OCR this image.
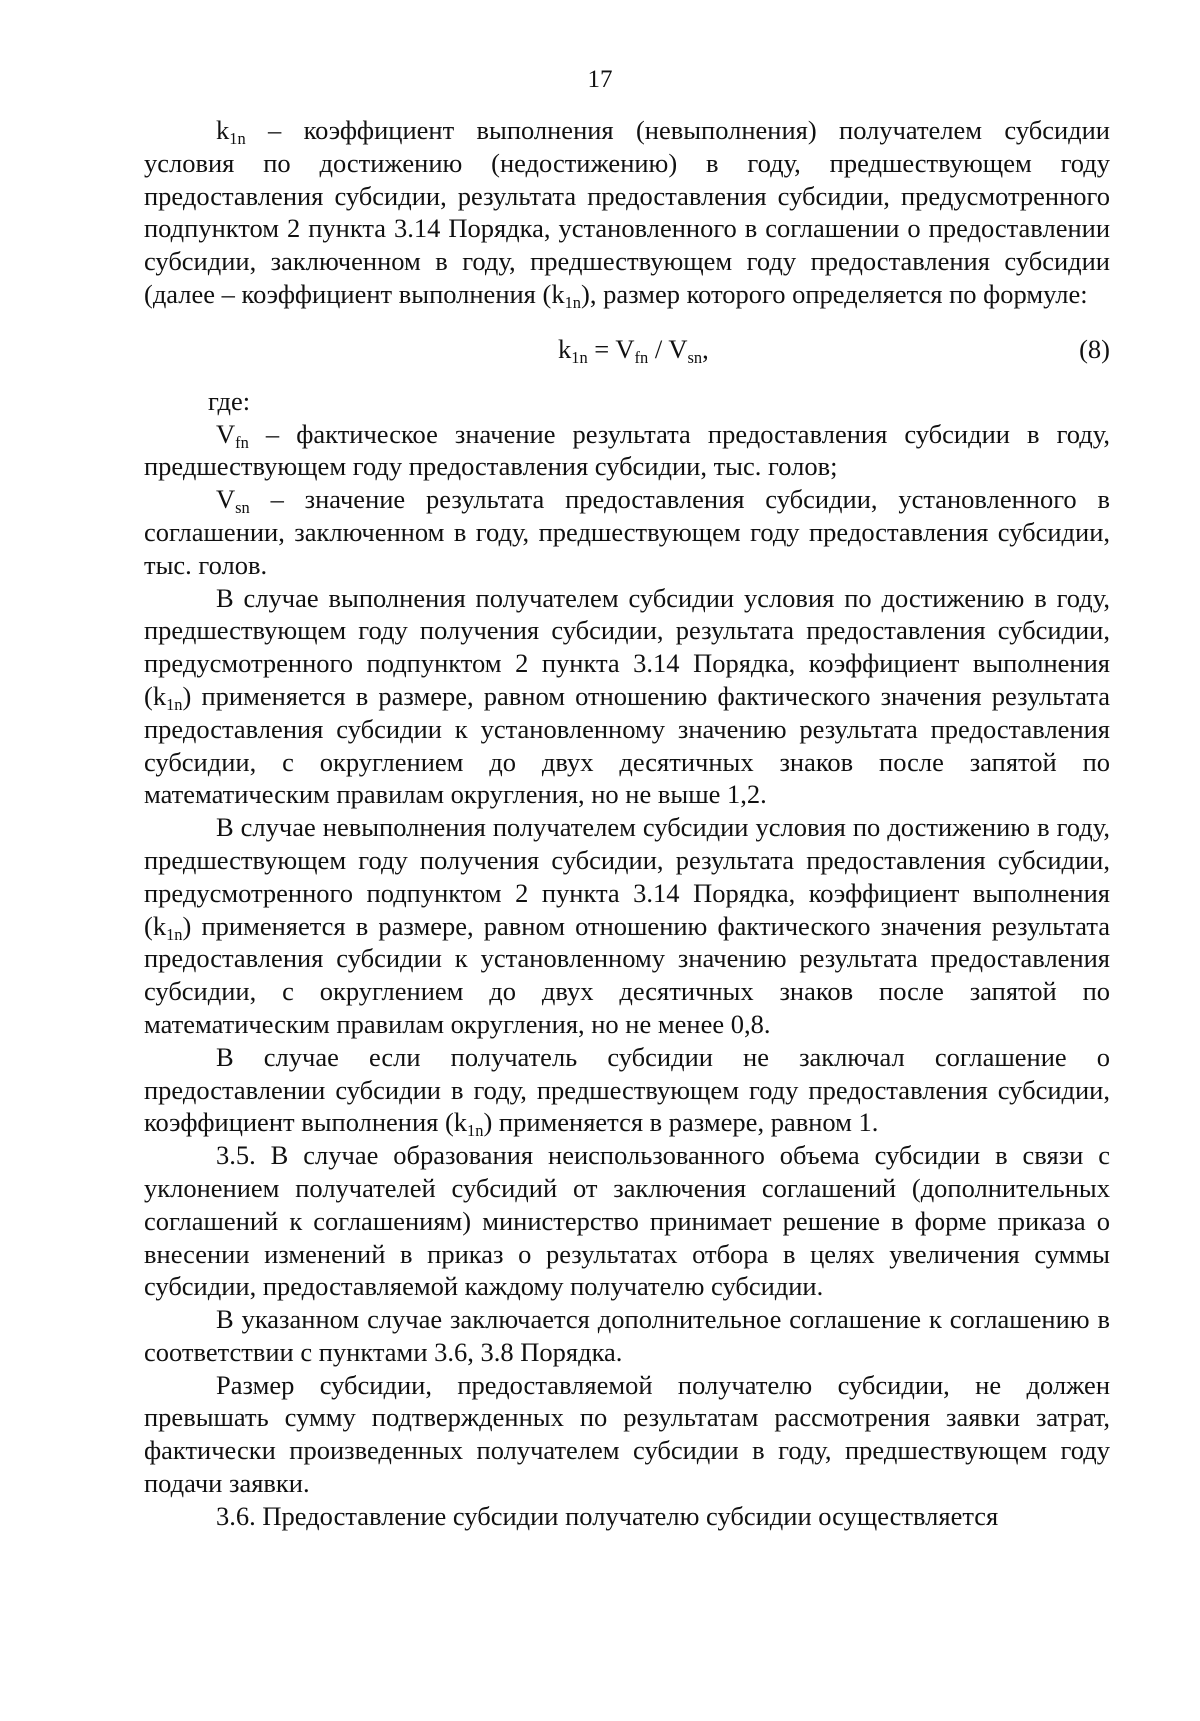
17

$k_{1n}$ – коэффициент выполнения (невыполнения) получателем субсидии условия по достижению (недостижению) в году, предшествующем году предоставления субсидии, результата предоставления субсидии, предусмотренного подпунктом 2 пункта 3.14 Порядка, установленного в соглашении о предоставлении субсидии, заключенном в году, предшествующем году предоставления субсидии (далее – коэффициент выполнения $(k_{1n})$, размер которого определяется по формуле:

$k_{1n} = V_{fn} / V_{sn}$,	(8)

где:

$V_{fn}$ – фактическое значение результата предоставления субсидии в году, предшествующем году предоставления субсидии, тыс. голов;

$V_{sn}$ – значение результата предоставления субсидии, установленного в соглашении, заключенном в году, предшествующем году предоставления субсидии, тыс. голов.

В случае выполнения получателем субсидии условия по достижению в году, предшествующем году получения субсидии, результата предоставления субсидии, предусмотренного подпунктом 2 пункта 3.14 Порядка, коэффициент выполнения $(k_{1n})$ применяется в размере, равном отношению фактического значения результата предоставления субсидии к установленному значению результата предоставления субсидии, с округлением до двух десятичных знаков после запятой по математическим правилам округления, но не выше 1,2.

В случае невыполнения получателем субсидии условия по достижению в году, предшествующем году получения субсидии, результата предоставления субсидии, предусмотренного подпунктом 2 пункта 3.14 Порядка, коэффициент выполнения $(k_{1n})$ применяется в размере, равном отношению фактического значения результата предоставления субсидии к установленному значению результата предоставления субсидии, с округлением до двух десятичных знаков после запятой по математическим правилам округления, но не менее 0,8.

В случае если получатель субсидии не заключал соглашение о предоставлении субсидии в году, предшествующем году предоставления субсидии, коэффициент выполнения $(k_{1n})$ применяется в размере, равном 1.

3.5. В случае образования неиспользованного объема субсидии в связи с уклонением получателей субсидий от заключения соглашений (дополнительных соглашений к соглашениям) министерство принимает решение в форме приказа о внесении изменений в приказ о результатах отбора в целях увеличения суммы субсидии, предоставляемой каждому получателю субсидии.

В указанном случае заключается дополнительное соглашение к соглашению в соответствии с пунктами 3.6, 3.8 Порядка.

Размер субсидии, предоставляемой получателю субсидии, не должен превышать сумму подтвержденных по результатам рассмотрения заявки затрат, фактически произведенных получателем субсидии в году, предшествующем году подачи заявки.

3.6. Предоставление субсидии получателю субсидии осуществляется
